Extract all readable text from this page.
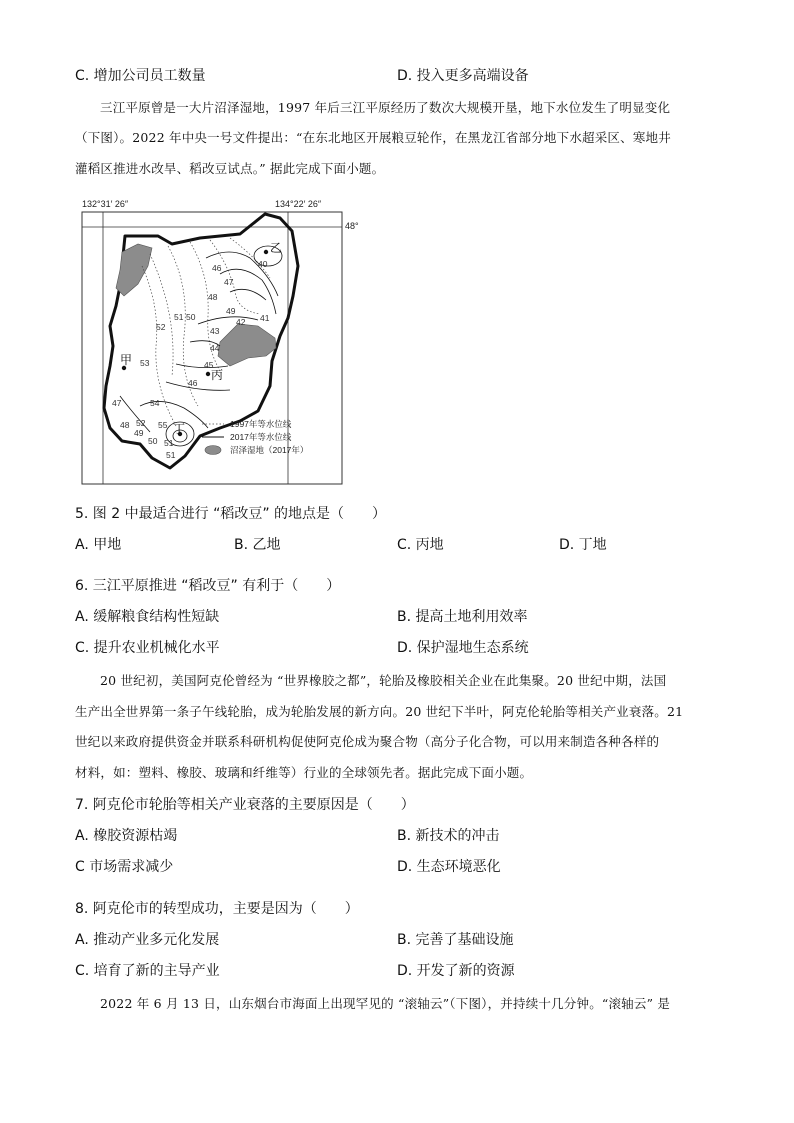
C. 增加公司员工数量	D. 投入更多高端设备
三江平原曾是一大片沼泽湿地，1997 年后三江平原经历了数次大规模开垦，地下水位发生了明显变化
（下图）。2022 年中央一号文件提出：“在东北地区开展粮豆轮作，在黑龙江省部分地下水超采区、寒地井
灌稻区推进水改旱、稻改豆试点。” 据此完成下面小题。
132°31′ 26″	134°22′ 26″
48°
46
47
48
49
40
41
42
43
44
45
46
47
48
49
50
51
52
53
54
55
50
51
52
51
甲
乙
丙
丁	1997年等水位线
2017年等水位线
沼泽湿地（2017年）
5. 图 2 中最适合进行 “稻改豆” 的地点是（　　）
A. 甲地	B. 乙地	C. 丙地	D. 丁地
6. 三江平原推进 “稻改豆” 有利于（　　）
A. 缓解粮食结构性短缺	B. 提高土地利用效率
C. 提升农业机械化水平	D. 保护湿地生态系统
20 世纪初，美国阿克伦曾经为 “世界橡胶之都”，轮胎及橡胶相关企业在此集聚。20 世纪中期，法国
生产出全世界第一条子午线轮胎，成为轮胎发展的新方向。20 世纪下半叶，阿克伦轮胎等相关产业衰落。21
世纪以来政府提供资金并联系科研机构促使阿克伦成为聚合物（高分子化合物，可以用来制造各种各样的
材料，如：塑料、橡胶、玻璃和纤维等）行业的全球领先者。据此完成下面小题。
7. 阿克伦市轮胎等相关产业衰落的主要原因是（　　）
A. 橡胶资源枯竭	B. 新技术的冲击
C 市场需求减少	D. 生态环境恶化
8. 阿克伦市的转型成功，主要是因为（　　）
A. 推动产业多元化发展	B. 完善了基础设施
C. 培育了新的主导产业	D. 开发了新的资源
2022 年 6 月 13 日，山东烟台市海面上出现罕见的 “滚轴云”（下图），并持续十几分钟。“滚轴云” 是
